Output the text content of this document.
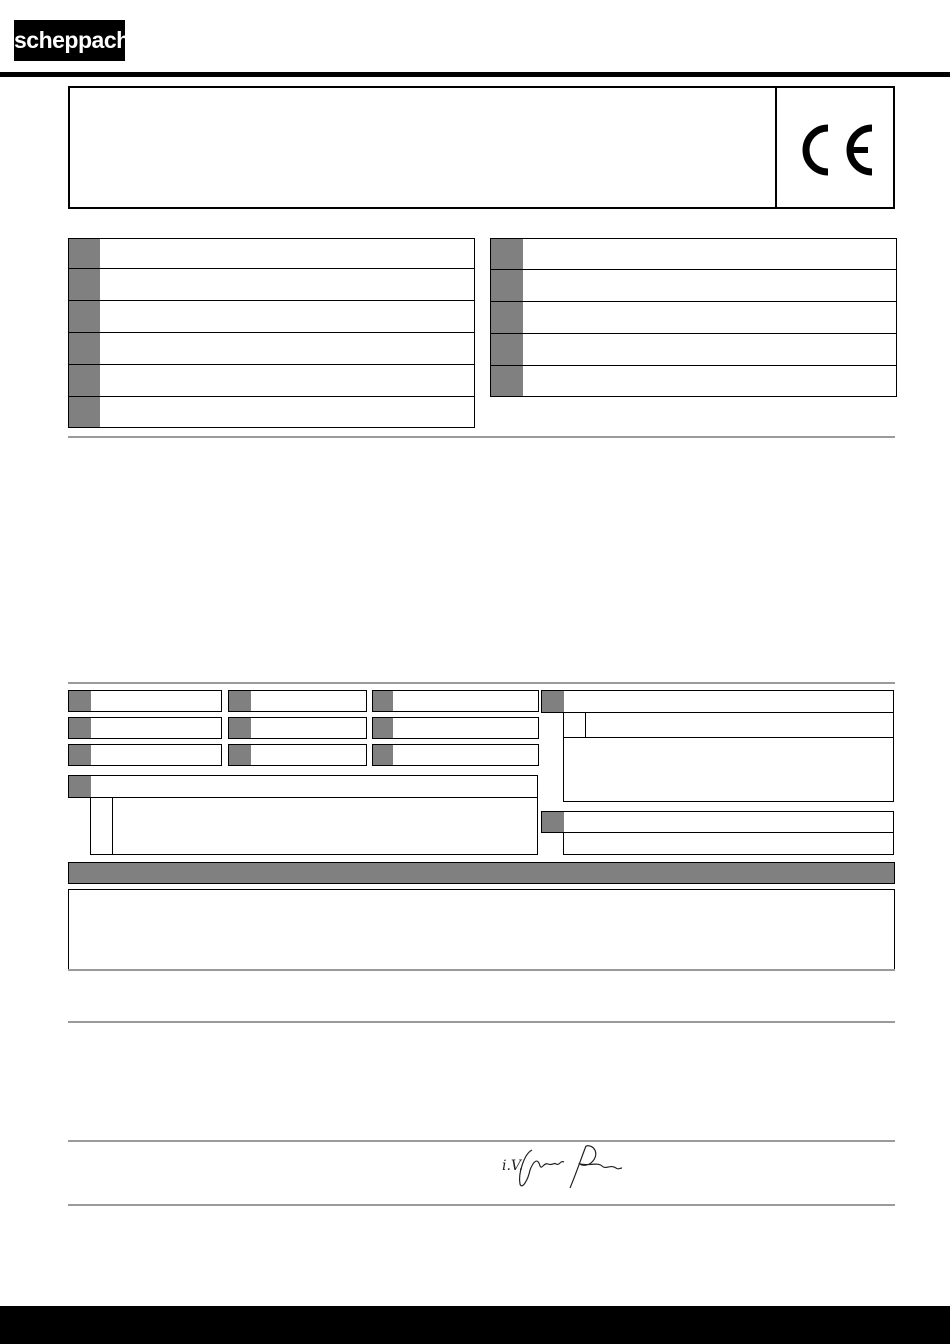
scheppach
i.V.
